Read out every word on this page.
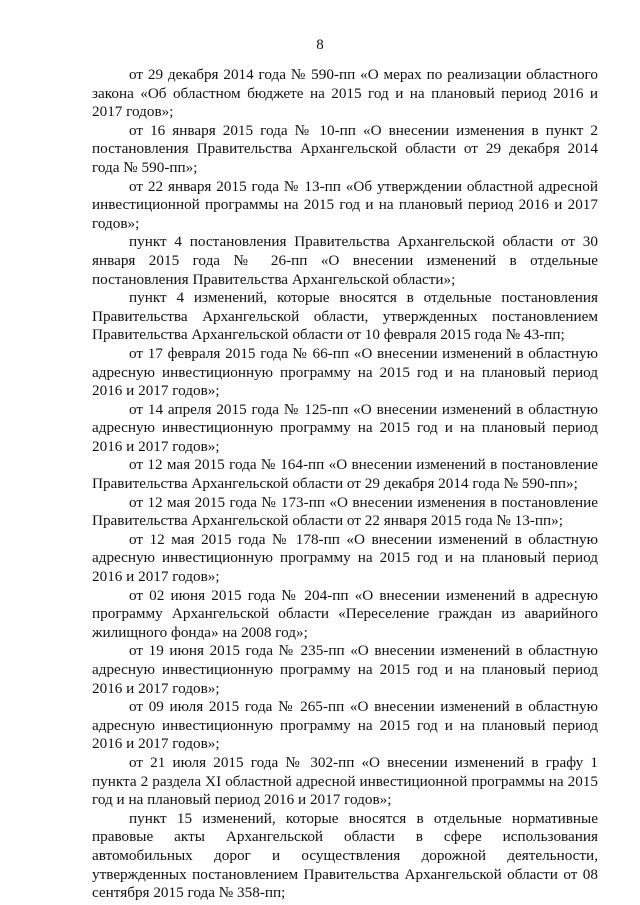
8

от 29 декабря 2014 года № 590-пп «О мерах по реализации областного закона «Об областном бюджете на 2015 год и на плановый период 2016 и 2017 годов»;

от 16 января 2015 года № 10-пп «О внесении изменения в пункт 2 постановления Правительства Архангельской области от 29 декабря 2014 года № 590-пп»;

от 22 января 2015 года № 13-пп «Об утверждении областной адресной инвестиционной программы на 2015 год и на плановый период 2016 и 2017 годов»;

пункт 4 постановления Правительства Архангельской области от 30 января 2015 года № 26-пп «О внесении изменений в отдельные постановления Правительства Архангельской области»;

пункт 4 изменений, которые вносятся в отдельные постановления Правительства Архангельской области, утвержденных постановлением Правительства Архангельской области от 10 февраля 2015 года № 43-пп;

от 17 февраля 2015 года № 66-пп «О внесении изменений в областную адресную инвестиционную программу на 2015 год и на плановый период 2016 и 2017 годов»;

от 14 апреля 2015 года № 125-пп «О внесении изменений в областную адресную инвестиционную программу на 2015 год и на плановый период 2016 и 2017 годов»;

от 12 мая 2015 года № 164-пп «О внесении изменений в постановление Правительства Архангельской области от 29 декабря 2014 года № 590-пп»;

от 12 мая 2015 года № 173-пп «О внесении изменения в постановление Правительства Архангельской области от 22 января 2015 года № 13-пп»;

от 12 мая 2015 года № 178-пп «О внесении изменений в областную адресную инвестиционную программу на 2015 год и на плановый период 2016 и 2017 годов»;

от 02 июня 2015 года № 204-пп «О внесении изменений в адресную программу Архангельской области «Переселение граждан из аварийного жилищного фонда» на 2008 год»;

от 19 июня 2015 года № 235-пп «О внесении изменений в областную адресную инвестиционную программу на 2015 год и на плановый период 2016 и 2017 годов»;

от 09 июля 2015 года № 265-пп «О внесении изменений в областную адресную инвестиционную программу на 2015 год и на плановый период 2016 и 2017 годов»;

от 21 июля 2015 года № 302-пп «О внесении изменений в графу 1 пункта 2 раздела XI областной адресной инвестиционной программы на 2015 год и на плановый период 2016 и 2017 годов»;

пункт 15 изменений, которые вносятся в отдельные нормативные правовые акты Архангельской области в сфере использования автомобильных дорог и осуществления дорожной деятельности, утвержденных постановлением Правительства Архангельской области от 08 сентября 2015 года № 358-пп;
